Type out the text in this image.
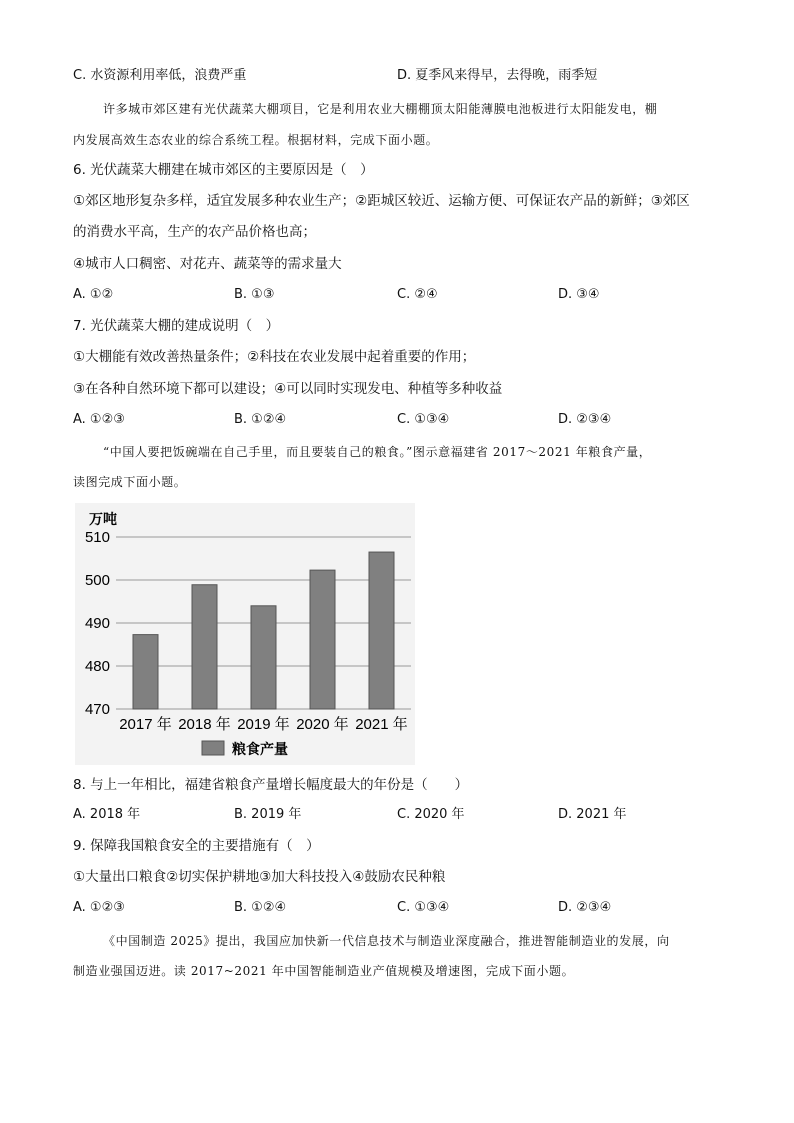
C. 水资源利用率低，浪费严重	D. 夏季风来得早，去得晚，雨季短
许多城市郊区建有光伏蔬菜大棚项目，它是利用农业大棚棚顶太阳能薄膜电池板进行太阳能发电，棚
内发展高效生态农业的综合系统工程。根据材料，完成下面小题。
6. 光伏蔬菜大棚建在城市郊区的主要原因是（　）
①郊区地形复杂多样，适宜发展多种农业生产；②距城区较近、运输方便、可保证农产品的新鲜；③郊区
的消费水平高，生产的农产品价格也高；
④城市人口稠密、对花卉、蔬菜等的需求量大
A. ①②	B. ①③	C. ②④	D. ③④
7. 光伏蔬菜大棚的建成说明（　）
①大棚能有效改善热量条件；②科技在农业发展中起着重要的作用；
③在各种自然环境下都可以建设；④可以同时实现发电、种植等多种收益
A. ①②③	B. ①②④	C. ①③④	D. ②③④
“中国人要把饭碗端在自己手里，而且要装自己的粮食。”图示意福建省 2017～2021 年粮食产量，
读图完成下面小题。
万吨
470
480
490
500
510
2017 年 2018 年 2019 年 2020 年 2021 年
粮食产量
8. 与上一年相比，福建省粮食产量增长幅度最大的年份是（　　）
A. 2018 年	B. 2019 年	C. 2020 年	D. 2021 年
9. 保障我国粮食安全的主要措施有（　）
①大量出口粮食②切实保护耕地③加大科技投入④鼓励农民种粮
A. ①②③	B. ①②④	C. ①③④	D. ②③④
《中国制造 2025》提出，我国应加快新一代信息技术与制造业深度融合，推进智能制造业的发展，向
制造业强国迈进。读 2017~2021 年中国智能制造业产值规模及增速图，完成下面小题。
